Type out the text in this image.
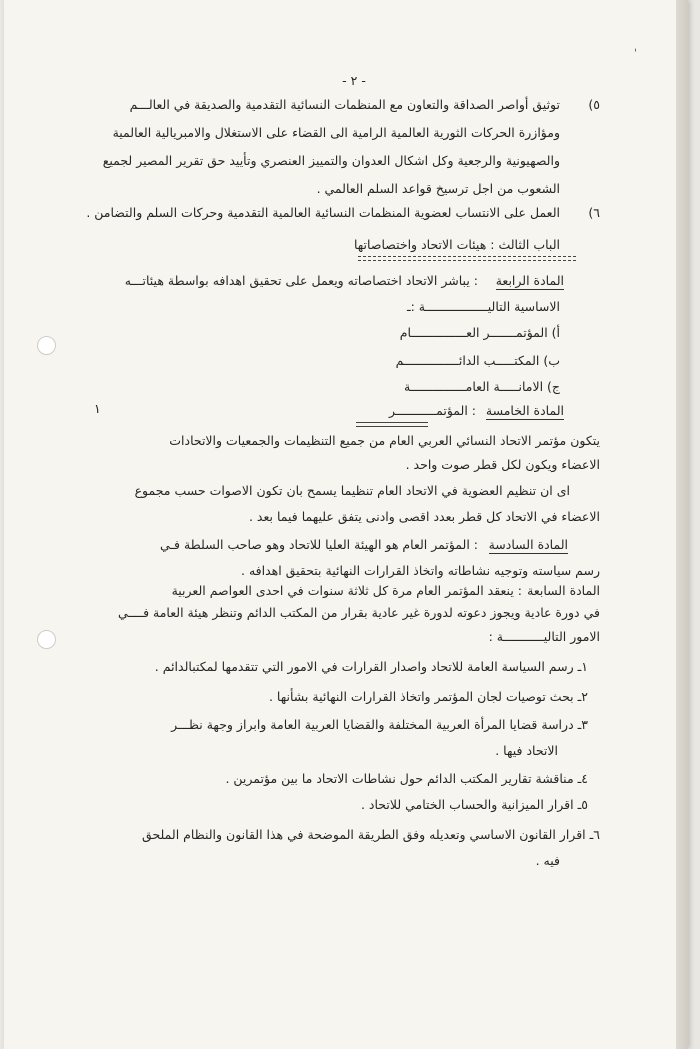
ˌ
- ٢ -
٥)
توثيق أواصر الصداقة والتعاون مع المنظمات النسائية التقدمية والصديقة في العالـــم
ومؤازرة الحركات الثورية العالمية الرامية الى القضاء على الاستغلال والامبريالية العالمية
والصهيونية والرجعية وكل اشكال العدوان والتمييز العنصري وتأييد حق تقرير المصير لجميع
الشعوب من اجل ترسيخ قواعد السلم العالمي .
٦)
العمل على الانتساب لعضوية المنظمات النسائية العالمية التقدمية وحركات السلم والتضامن .
الباب الثالث : هيئات الاتحاد واختصاصاتها
المادة الرابعة
: يباشر الاتحاد اختصاصاته ويعمل على تحقيق اهدافه بواسطة هيئاتـــه
الاساسية التاليـــــــــــــــــة :ـ
أ) المؤتمـــــــر العـــــــــــــــام
ب) المكتـــــب الدائـــــــــــــــم
ج) الامانـــــة العامـــــــــــــــة
١	المادة الخامسة
: المؤتمـــــــــــر
يتكون مؤتمر الاتحاد النسائي العربي العام من جميع التنظيمات والجمعيات والاتحادات
الاعضاء ويكون لكل قطر صوت واحد .
اى ان تنظيم العضوية في الاتحاد العام تنظيما يسمح بان تكون الاصوات حسب مجموع
الاعضاء في الاتحاد كل قطر بعدد اقصى وادنى يتفق عليهما فيما بعد .
المادة السادسة
: المؤتمر العام هو الهيئة العليا للاتحاد وهو صاحب السلطة فـي
رسم سياسته وتوجيه نشاطاته واتخاذ القرارات النهائية بتحقيق اهدافه .
المادة السابعة
: ينعقد المؤتمر العام مرة كل ثلاثة سنوات في احدى العواصم العربية
في دورة عادية ويجوز دعوته لدورة غير عادية بقرار من المكتب الدائم وتنظر هيئة العامة فــــي
الامور التاليـــــــــــة :
١ـ رسم السياسة العامة للاتحاد واصدار القرارات في الامور التي تتقدمها لمكتبالدائم .
٢ـ بحث توصيات لجان المؤتمر واتخاذ القرارات النهائية بشأنها .
٣ـ دراسة قضايا المرأة العربية المختلفة والقضايا العربية العامة وابراز وجهة نظـــر
الاتحاد فيها .
٤ـ مناقشة تقارير المكتب الدائم حول نشاطات الاتحاد ما بين مؤتمرين .
٥ـ اقرار الميزانية والحساب الختامي للاتحاد .
٦ـ اقرار القانون الاساسي وتعديله وفق الطريقة الموضحة في هذا القانون والنظام الملحق
فيه .
